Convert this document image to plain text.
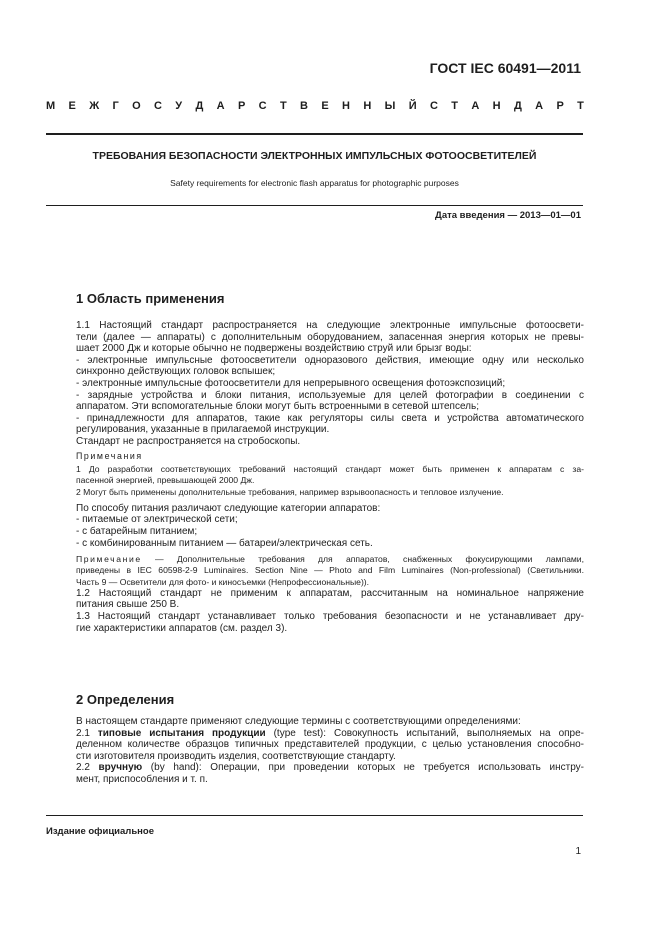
ГОСТ IEC 60491—2011
М Е Ж Г О С У Д А Р С Т В Е Н Н Ы Й С Т А Н Д А Р Т
ТРЕБОВАНИЯ БЕЗОПАСНОСТИ ЭЛЕКТРОННЫХ ИМПУЛЬСНЫХ ФОТООСВЕТИТЕЛЕЙ
Safety requirements for electronic flash apparatus for photographic purposes
Дата введения — 2013—01—01
1 Область применения

1.1 Настоящий стандарт распространяется на следующие электронные импульсные фотоосвети-

тели (далее — аппараты) с дополнительным оборудованием, запасенная энергия которых не превы-

шает 2000 Дж и которые обычно не подвержены воздействию струй или брызг воды:

- электронные импульсные фотоосветители одноразового действия, имеющие одну или несколько

синхронно действующих головок вспышек;

- электронные импульсные фотоосветители для непрерывного освещения фотоэкспозиций;

- зарядные устройства и блоки питания, используемые для целей фотографии в соединении с

аппаратом. Эти вспомогательные блоки могут быть встроенными в сетевой штепсель;

- принадлежности для аппаратов, такие как регуляторы силы света и устройства автоматического

регулирования, указанные в прилагаемой инструкции.

Стандарт не распространяется на стробоскопы.

Примечания

1 До разработки соответствующих требований настоящий стандарт может быть применен к аппаратам с за-

пасенной энергией, превышающей 2000 Дж.

2 Могут быть применены дополнительные требования, например взрывоопасность и тепловое излучение.

По способу питания различают следующие категории аппаратов:

- питаемые от электрической сети;

- с батарейным питанием;

- с комбинированным питанием — батареи/электрическая сеть.

Примечание — Дополнительные требования для аппаратов, снабженных фокусирующими лампами,

приведены в IEC 60598-2-9 Luminaires. Section Nine — Photo and Film Luminaires (Non-professional) (Светильники.

Часть 9 — Осветители для фото- и киносъемки (Непрофессиональные)).

1.2 Настоящий стандарт не применим к аппаратам, рассчитанным на номинальное напряжение

питания свыше 250 В.

1.3 Настоящий стандарт устанавливает только требования безопасности и не устанавливает дру-

гие характеристики аппаратов (см. раздел 3).

2 Определения

В настоящем стандарте применяют следующие термины с соответствующими определениями:

2.1 типовые испытания продукции (type test): Совокупность испытаний, выполняемых на опре-

деленном количестве образцов типичных представителей продукции, с целью установления способно-

сти изготовителя производить изделия, соответствующие стандарту.

2.2 вручную (by hand): Операции, при проведении которых не требуется использовать инстру-

мент, приспособления и т. п.

Издание официальное
1
